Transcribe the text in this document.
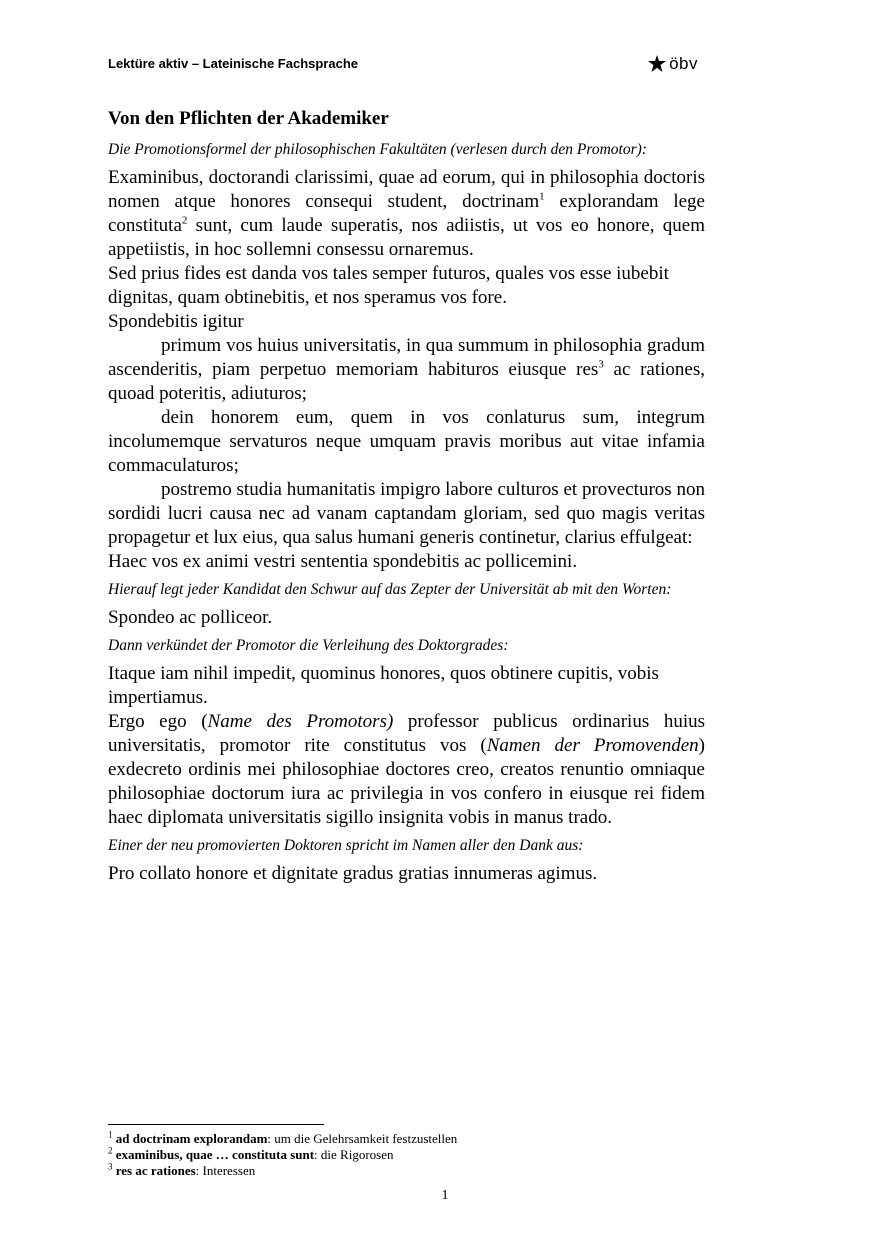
Lektüre aktiv – Lateinische Fachsprache	öbv
Von den Pflichten der Akademiker

Die Promotionsformel der philosophischen Fakultäten (verlesen durch den Promotor):

Examinibus, doctorandi clarissimi, quae ad eorum, qui in philosophia doctoris nomen atque honores consequi student, doctrinam$^1$ explorandam lege constituta$^2$ sunt, cum laude superatis, nos adiistis, ut vos eo honore, quem appetiistis, in hoc sollemni consessu ornaremus.

Sed prius fides est danda vos tales semper futuros, quales vos esse iubebit dignitas, quam obtinebitis, et nos speramus vos fore.

Spondebitis igitur

primum vos huius universitatis, in qua summum in philosophia gradum ascenderitis, piam perpetuo memoriam habituros eiusque res$^3$ ac rationes, quoad poteritis, adiuturos;

dein honorem eum, quem in vos conlaturus sum, integrum incolumemque servaturos neque umquam pravis moribus aut vitae infamia commaculaturos;

postremo studia humanitatis impigro labore culturos et provecturos non sordidi lucri causa nec ad vanam captandam gloriam, sed quo magis veritas propagetur et lux eius, qua salus humani generis continetur, clarius effulgeat:

Haec vos ex animi vestri sententia spondebitis ac pollicemini.

Hierauf legt jeder Kandidat den Schwur auf das Zepter der Universität ab mit den Worten:

Spondeo ac polliceor.

Dann verkündet der Promotor die Verleihung des Doktorgrades:

Itaque iam nihil impedit, quominus honores, quos obtinere cupitis, vobis impertiamus.

Ergo ego (Name des Promotors) professor publicus ordinarius huius universitatis, promotor rite constitutus vos (Namen der Promovenden) exdecreto ordinis mei philosophiae doctores creo, creatos renuntio omniaque philosophiae doctorum iura ac privilegia in vos confero in eiusque rei fidem haec diplomata universitatis sigillo insignita vobis in manus trado.

Einer der neu promovierten Doktoren spricht im Namen aller den Dank aus:

Pro collato honore et dignitate gradus gratias innumeras agimus.

$^1$ ad doctrinam explorandam: um die Gelehrsamkeit festzustellen
$^2$ examinibus, quae … constituta sunt: die Rigorosen
$^3$ res ac rationes: Interessen
1
